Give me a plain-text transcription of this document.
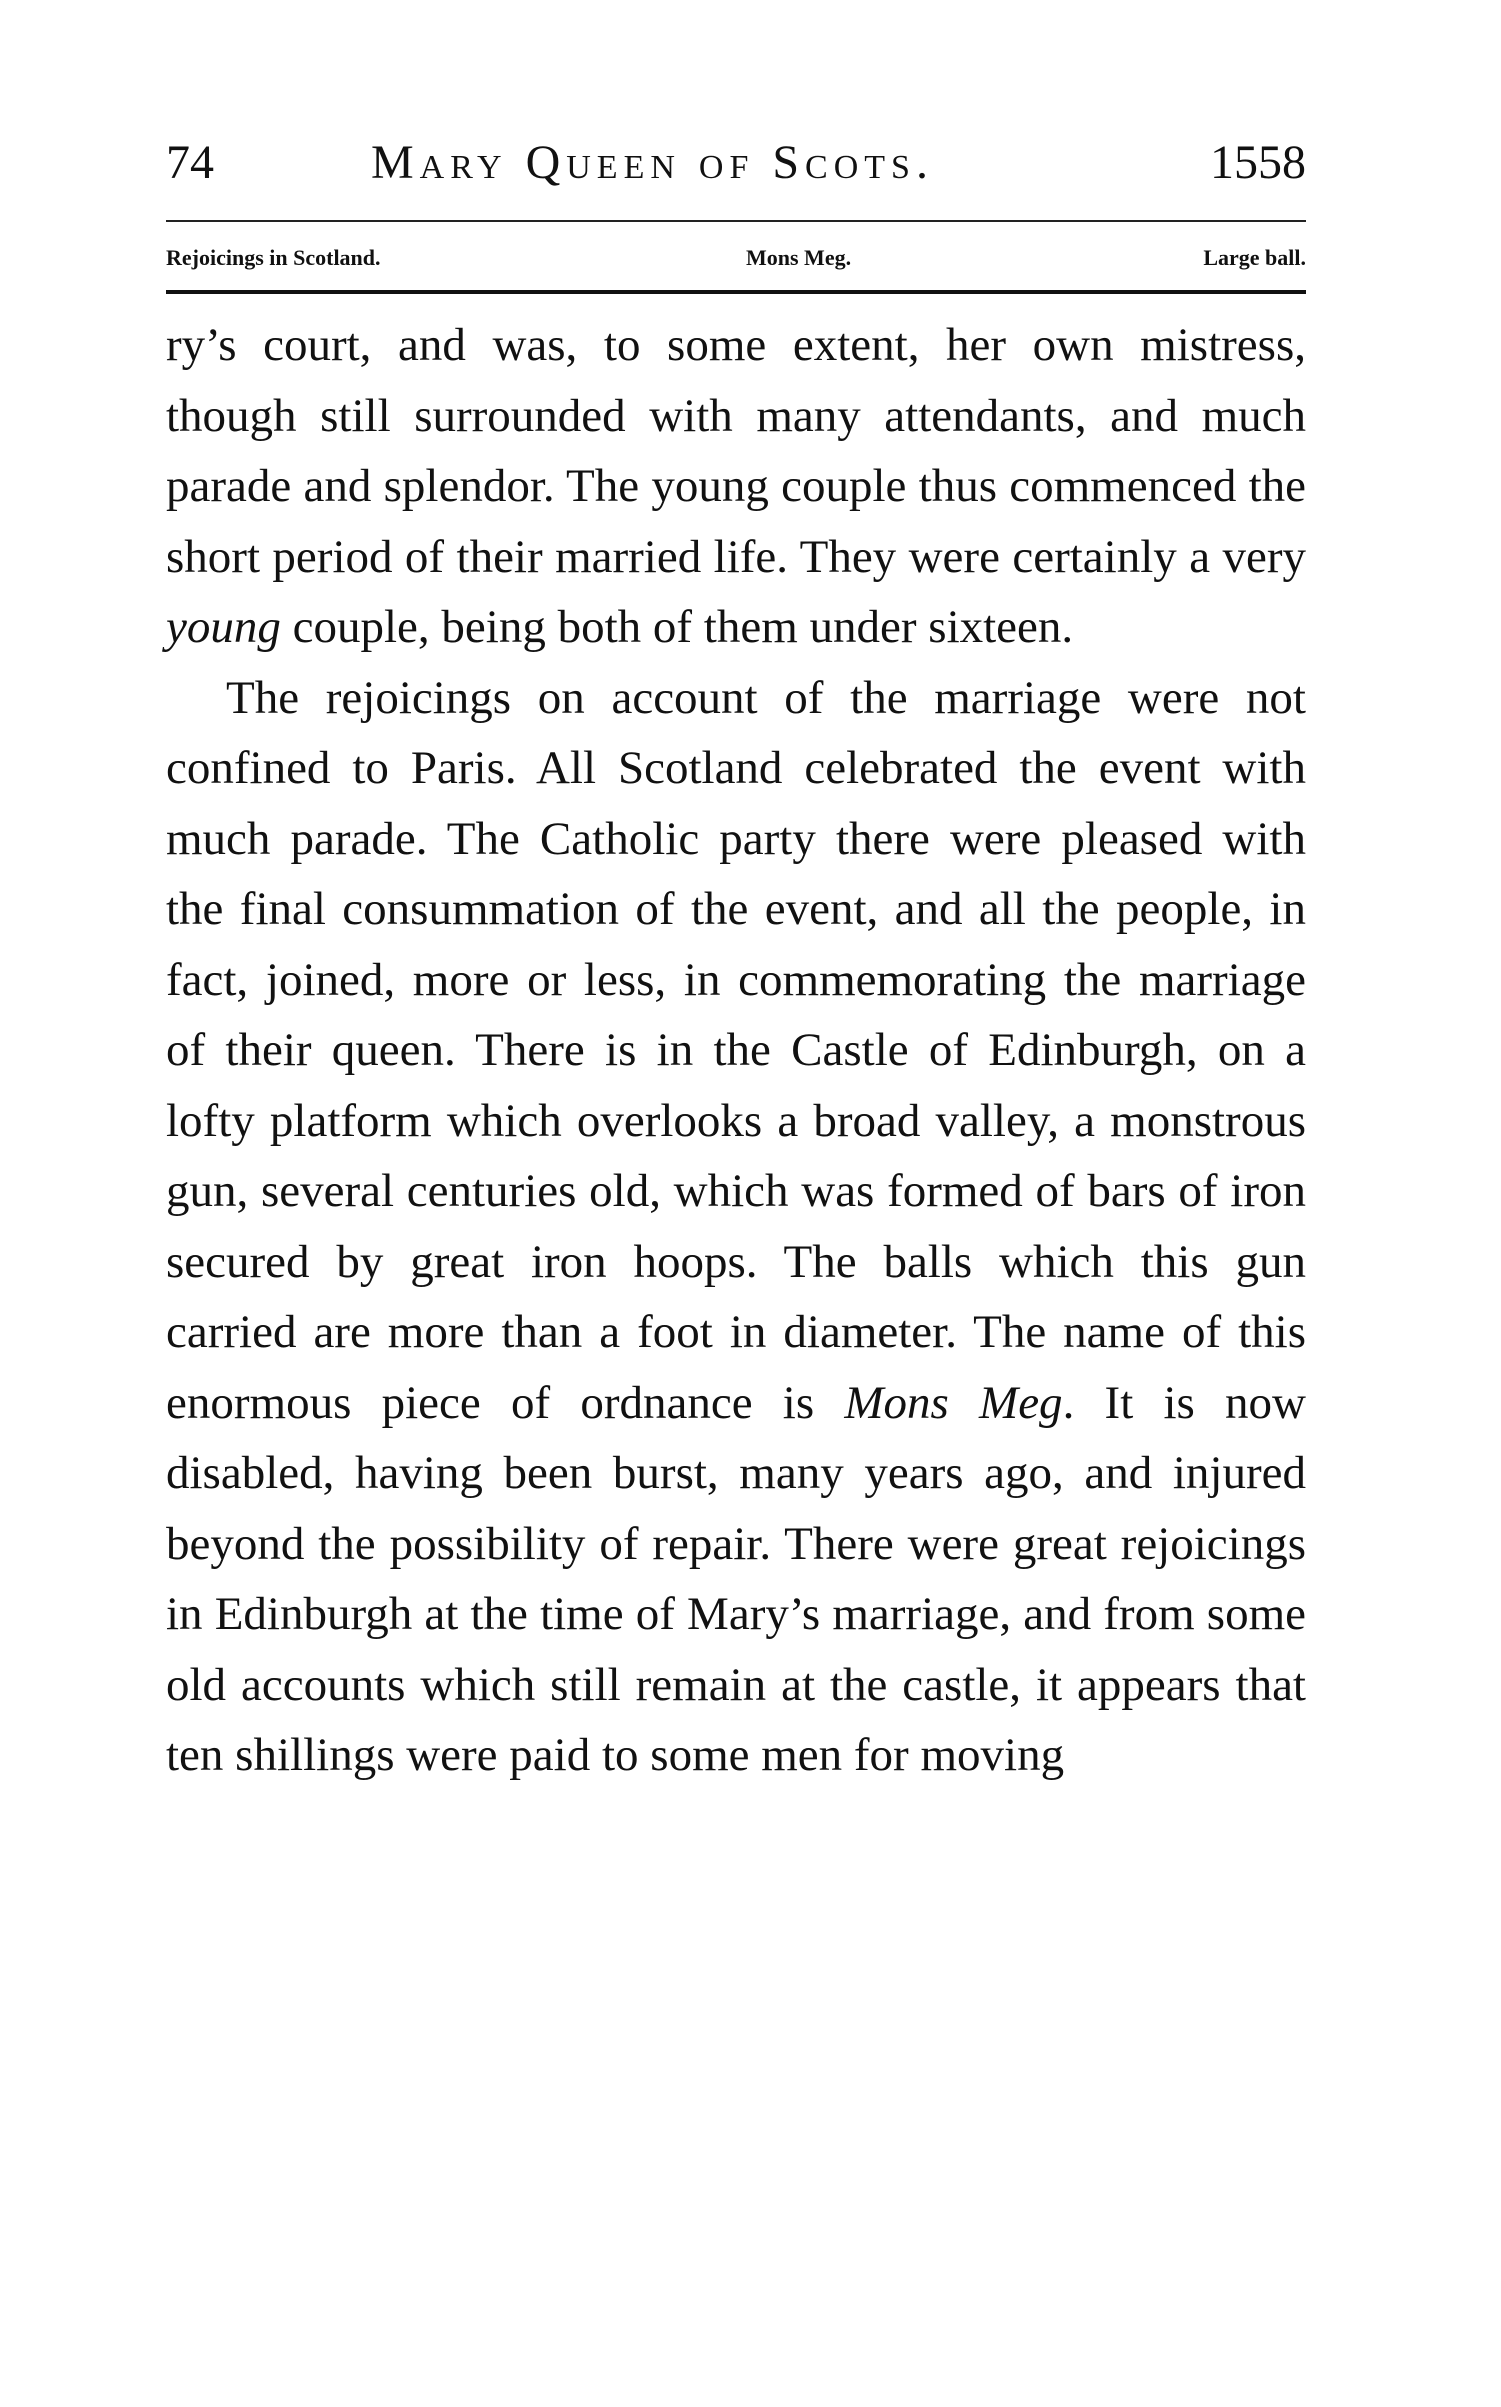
74	Mary Queen of Scots.	1558
Rejoicings in Scotland.	Mons Meg.	Large ball.

ry’s court, and was, to some extent, her own mistress, though still surrounded with many attendants, and much parade and splendor. The young couple thus commenced the short period of their married life. They were certainly a very young couple, being both of them under sixteen.

The rejoicings on account of the marriage were not confined to Paris. All Scotland celebrated the event with much parade. The Catholic party there were pleased with the final consummation of the event, and all the people, in fact, joined, more or less, in commemorating the marriage of their queen. There is in the Castle of Edinburgh, on a lofty platform which overlooks a broad valley, a monstrous gun, several centuries old, which was formed of bars of iron secured by great iron hoops. The balls which this gun carried are more than a foot in diameter. The name of this enormous piece of ordnance is Mons Meg. It is now disabled, having been burst, many years ago, and injured beyond the possibility of repair. There were great rejoicings in Edinburgh at the time of Mary’s marriage, and from some old accounts which still remain at the castle, it appears that ten shillings were paid to some men for moving
